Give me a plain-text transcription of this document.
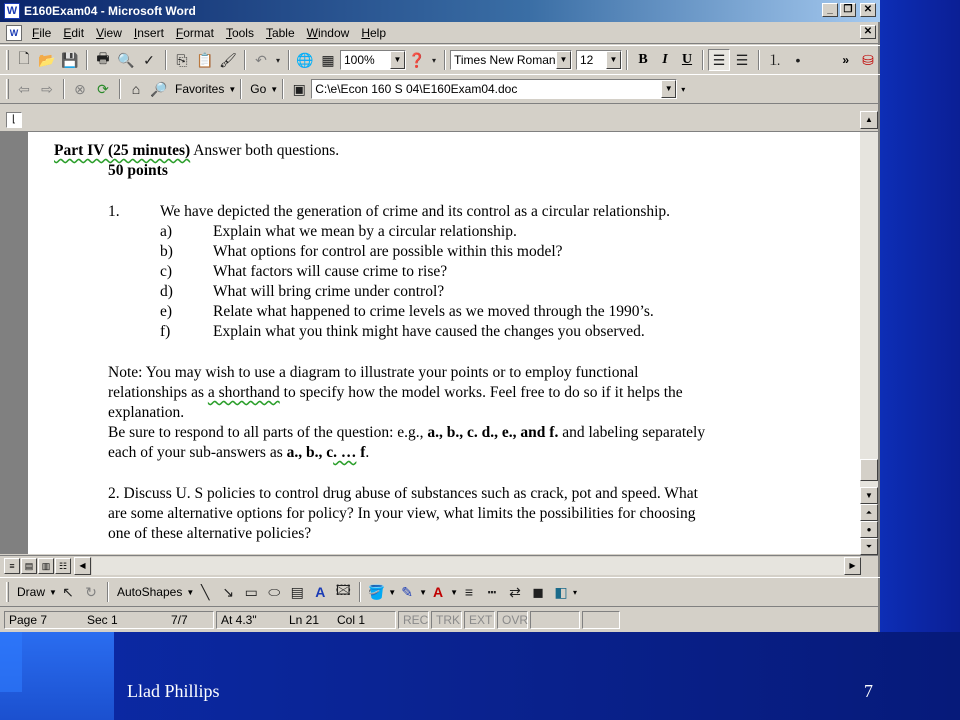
Llad Phillips	7
W E160Exam04 - Microsoft Word	_	❐	✕
W	File	Edit	View	Insert	Format	Tools	Table	Window	Help	✕
🗋 📂 💾	🖶 🔍 ✓	⎘ 📋 🖌	↶	▾ 🌐 ▦ 100%	▼ ❓ ▾ Times New Roman ▼ 12	▼	B	I	U	☰ ☰	⒈ •	» ⛁
⇦ ⇨	⊗ ⟳	⌂ 🔎 Favorites ▼	Go ▼	▣ C:\e\Econ 160 S 04\E160Exam04.doc	▼	▾
⌊	▲
Part IV (25 minutes) Answer both questions.
50 points
1.	We have depicted the generation of crime and its control as a circular relationship.
a)	Explain what we mean by a circular relationship.
b)	What options for control are possible within this model?
c)	What factors will cause crime to rise?
d)	What will bring crime under control?
e)	Relate what happened to crime levels as we moved through the 1990’s.
f)	Explain what you think might have caused the changes you observed.
Note: You may wish to use a diagram to illustrate your points or to employ functional
relationships as a shorthand to specify how the model works. Feel free to do so if it helps the
explanation.
Be sure to respond to all parts of the question: e.g., a., b., c. d., e., and f. and labeling separately
each of your sub-answers as a., b., c. … f.
2. Discuss U. S policies to control drug abuse of substances such as crack, pot and speed. What
are some alternative options for policy? In your view, what limits the possibilities for choosing
one of these alternative policies?
▼
⏶
●
⏷
≡	▤ ▥ ☷	◀	▶
Draw ▼ ↖ ↻	AutoShapes ▼ ╲ ↘ ▭ ⬭ ▤ A 🖾 🪣 ▼ ✎ ▼ A ▼ ≡	┅ ⇄ ◼ ◧ ▾
Page 7	Sec 1	7/7	At 4.3"	Ln 21	Col 1	REC TRK EXT OVR
